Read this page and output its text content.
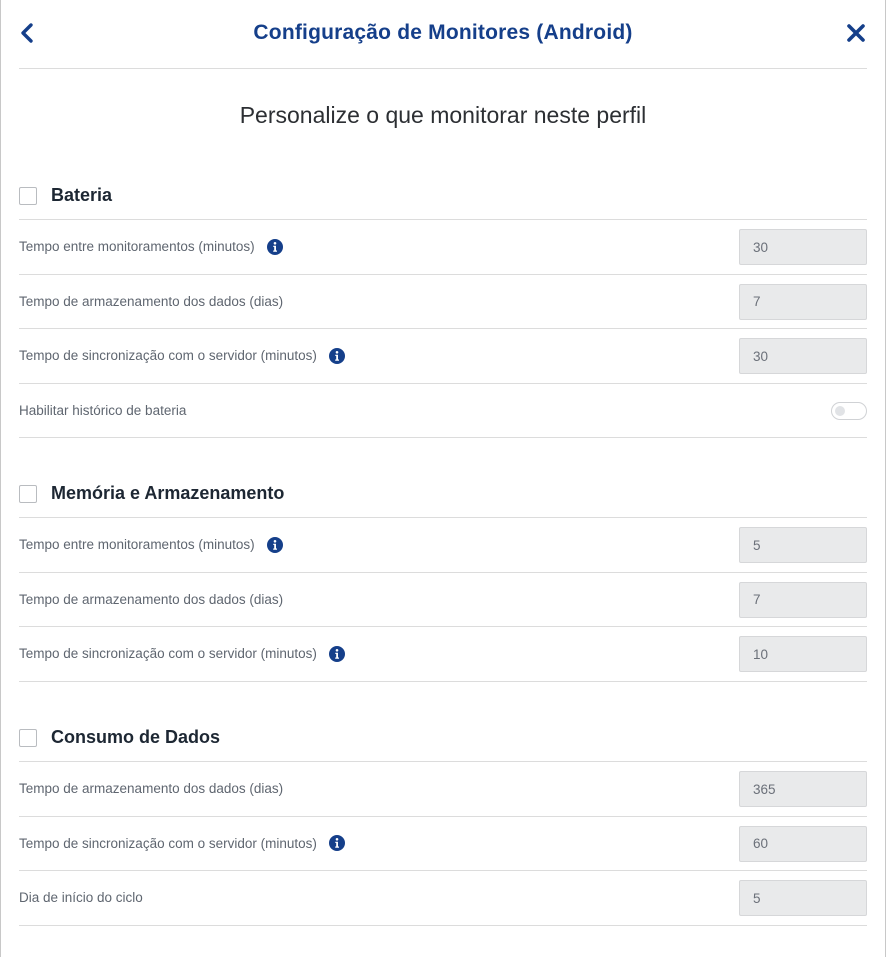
Configuração de Monitores (Android)
Personalize o que monitorar neste perfil
Bateria
Tempo entre monitoramentos (minutos)
30
Tempo de armazenamento dos dados (dias)
7
Tempo de sincronização com o servidor (minutos)
30
Habilitar histórico de bateria
Memória e Armazenamento
Tempo entre monitoramentos (minutos)
5
Tempo de armazenamento dos dados (dias)
7
Tempo de sincronização com o servidor (minutos)
10
Consumo de Dados
Tempo de armazenamento dos dados (dias)
365
Tempo de sincronização com o servidor (minutos)
60
Dia de início do ciclo
5
